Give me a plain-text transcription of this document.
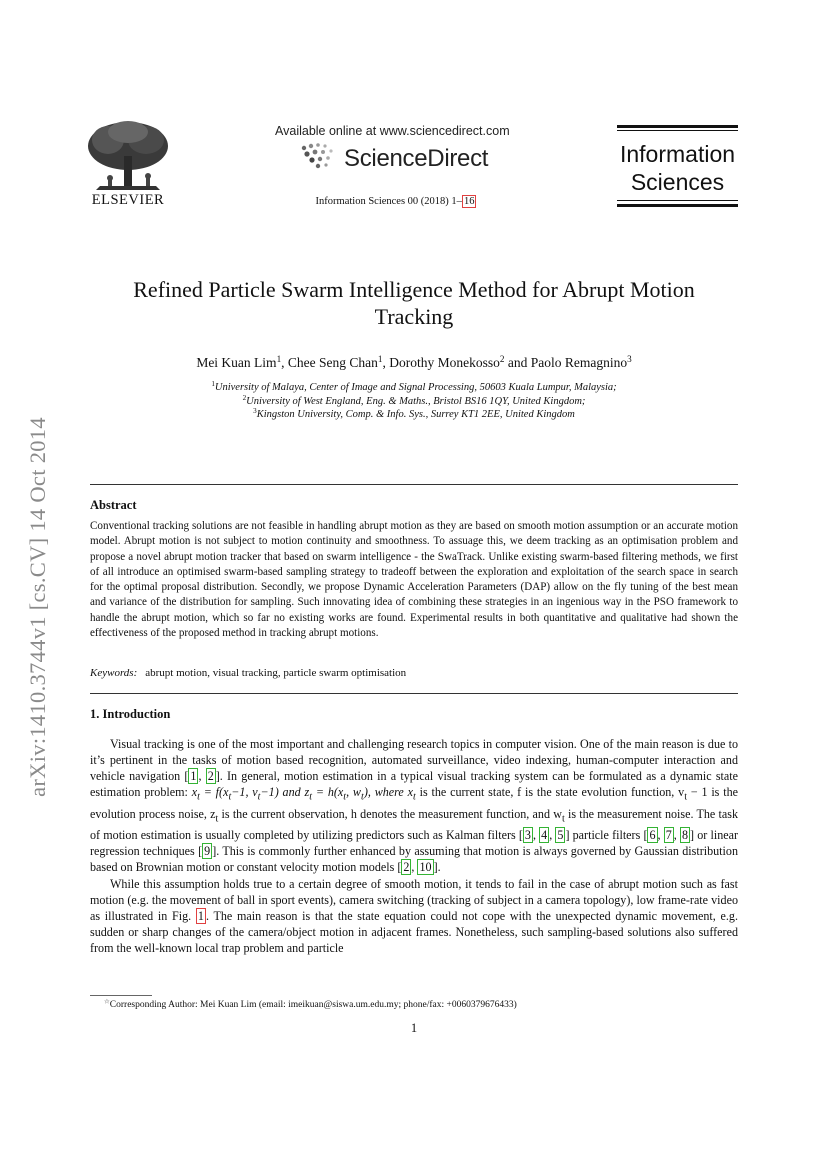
arXiv:1410.3744v1 [cs.CV] 14 Oct 2014
ELSEVIER
Available online at www.sciencedirect.com
ScienceDirect
Information Sciences 00 (2018) 1– 16
Information
Sciences
Refined Particle Swarm Intelligence Method for Abrupt Motion Tracking
Mei Kuan Lim$^1$, Chee Seng Chan$^1$, Dorothy Monekosso$^2$ and Paolo Remagnino$^3$
$^1$University of Malaya, Center of Image and Signal Processing, 50603 Kuala Lumpur, Malaysia;
$^2$University of West England, Eng. & Maths., Bristol BS16 1QY, United Kingdom;
$^3$Kingston University, Comp. & Info. Sys., Surrey KT1 2EE, United Kingdom
Abstract
Conventional tracking solutions are not feasible in handling abrupt motion as they are based on smooth motion assumption or an accurate motion model. Abrupt motion is not subject to motion continuity and smoothness. To assuage this, we deem tracking as an optimisation problem and propose a novel abrupt motion tracker that based on swarm intelligence - the SwaTrack. Unlike existing swarm-based filtering methods, we first of all introduce an optimised swarm-based sampling strategy to tradeoff between the exploration and exploitation of the search space in search for the optimal proposal distribution. Secondly, we propose Dynamic Acceleration Parameters (DAP) allow on the fly tuning of the best mean and variance of the distribution for sampling. Such innovating idea of combining these strategies in an ingenious way in the PSO framework to handle the abrupt motion, which so far no existing works are found. Experimental results in both quantitative and qualitative had shown the effectiveness of the proposed method in tracking abrupt motions.
Keywords: abrupt motion, visual tracking, particle swarm optimisation
1. Introduction

Visual tracking is one of the most important and challenging research topics in computer vision. One of the main reason is due to it’s pertinent in the tasks of motion based recognition, automated surveillance, video indexing, human-computer interaction and vehicle navigation [ 1 , 2 ]. In general, motion estimation in a typical visual tracking system can be formulated as a dynamic state estimation problem: $x_t = f(x_t-1$, $v_t-1$) and $z_t = h(x_t$, $w_t$), where $x_t$ is the current state, f is the state evolution function, $v_t - 1$ is the evolution process noise, $z_t$ is the current observation, h denotes the measurement function, and $w_t$ is the measurement noise. The task of motion estimation is usually completed by utilizing predictors such as Kalman filters [ 3 , 4 , 5 ] particle filters [ 6 , 7 , 8 ] or linear regression techniques [ 9 ]. This is commonly further enhanced by assuming that motion is always governed by Gaussian distribution based on Brownian motion or constant velocity motion models [ 2 , 10 ].

While this assumption holds true to a certain degree of smooth motion, it tends to fail in the case of abrupt motion such as fast motion (e.g. the movement of ball in sport events), camera switching (tracking of subject in a camera topology), low frame-rate video as illustrated in Fig. 1 . The main reason is that the state equation could not cope with the unexpected dynamic movement, e.g. sudden or sharp changes of the camera/object motion in adjacent frames. Nonetheless, such sampling-based solutions also suffered from the well-known local trap problem and particle

☆Corresponding Author: Mei Kuan Lim (email: imeikuan@siswa.um.edu.my; phone/fax: +0060379676433)
1
